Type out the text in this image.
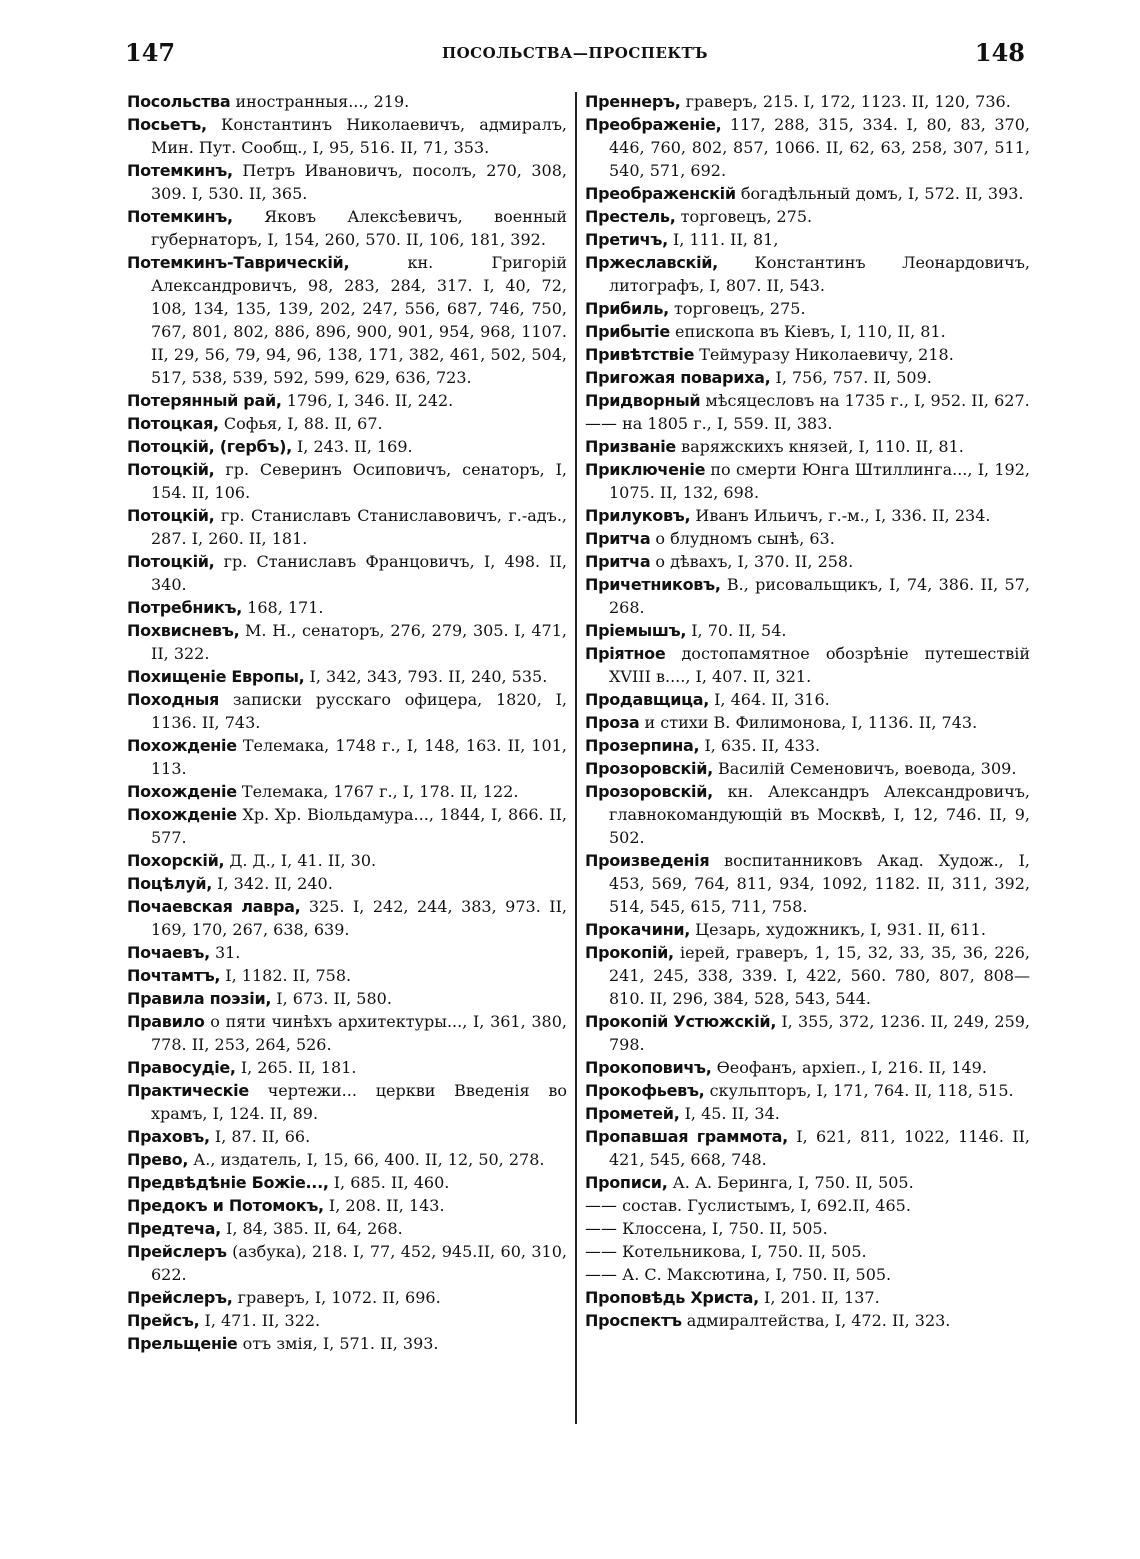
147	ПОСОЛЬСТВА—ПРОСПЕКТЪ	148

Посольства иностранныя..., 219.

Посьетъ, Константинъ Николаевичъ, адмиралъ, Мин. Пут. Сообщ., I, 95, 516. II, 71, 353.

Потемкинъ, Петръ Ивановичъ, посолъ, 270, 308, 309. I, 530. II, 365.

Потемкинъ, Яковъ Алексѣевичъ, военный губернаторъ, I, 154, 260, 570. II, 106, 181, 392.

Потемкинъ-Таврическій,	кн. Григорій Александровичъ, 98, 283, 284, 317. I, 40, 72, 108, 134, 135, 139, 202, 247, 556, 687, 746, 750, 767, 801, 802, 886, 896, 900, 901, 954, 968, 1107. II, 29, 56, 79, 94, 96, 138, 171, 382, 461, 502, 504, 517, 538, 539, 592, 599, 629, 636, 723.

Потерянный рай, 1796, I, 346. II, 242.

Потоцкая, Софья, I, 88. II, 67.

Потоцкій, (гербъ), I, 243. II, 169.

Потоцкій, гр. Северинъ Осиповичъ, сенаторъ, I, 154. II, 106.

Потоцкій, гр. Станиславъ Станиславовичъ, г.-адъ., 287. I, 260. II, 181.

Потоцкій, гр. Станиславъ Францовичъ, I, 498. II, 340.

Потребникъ, 168, 171.

Похвисневъ, М. Н., сенаторъ, 276, 279, 305. I, 471, II, 322.

Похищеніе Европы, I, 342, 343, 793. II, 240, 535.

Походныя записки русскаго офицера, 1820, I, 1136. II, 743.

Похожденіе Телемака, 1748 г., I, 148, 163. II, 101, 113.

Похожденіе Телемака, 1767 г., I, 178. II, 122.

Похожденіе Хр. Хр. Віольдамура..., 1844, I, 866. II, 577.

Похорскій, Д. Д., I, 41. II, 30.

Поцѣлуй, I, 342. II, 240.

Почаевская лавра, 325. I, 242, 244, 383, 973. II, 169, 170, 267, 638, 639.

Почаевъ, 31.

Почтамтъ, I, 1182. II, 758.

Правила поэзіи, I, 673. II, 580.

Правило о пяти чинѣхъ архитектуры..., I, 361, 380, 778. II, 253, 264, 526.

Правосудіе, I, 265. II, 181.

Практическіе чертежи... церкви Введенія во храмъ, I, 124. II, 89.

Праховъ, I, 87. II, 66.

Прево, А., издатель, I, 15, 66, 400. II, 12, 50, 278.

Предвѣдѣніе Божіе..., I, 685. II, 460.

Предокъ и Потомокъ, I, 208. II, 143.

Предтеча, I, 84, 385. II, 64, 268.

Прейслеръ (азбука), 218. I, 77, 452, 945.II, 60, 310, 622.

Прейслеръ, граверъ, I, 1072. II, 696.

Прейсъ, I, 471. II, 322.

Прельщеніе отъ змія, I, 571. II, 393.

Преннеръ, граверъ, 215. I, 172, 1123. II, 120, 736.

Преображеніе, 117, 288, 315, 334. I, 80, 83, 370, 446, 760, 802, 857, 1066. II, 62, 63, 258, 307, 511, 540, 571, 692.

Преображенскій богадѣльный домъ, I, 572. II, 393.

Престель, торговецъ, 275.

Претичъ, I, 111. II, 81,

Пржеславскій, Константинъ Леонардовичъ, литографъ, I, 807. II, 543.

Прибиль, торговецъ, 275.

Прибытіе епископа въ Кіевъ, I, 110, II, 81.

Привѣтствіе Теймуразу Николаевичу, 218.

Пригожая повариха, I, 756, 757. II, 509.

Придворный мѣсяцесловъ на 1735 г., I, 952. II, 627.

—— на 1805 г., I, 559. II, 383.

Призваніе варяжскихъ князей, I, 110. II, 81.

Приключеніе по смерти Юнга Штиллинга..., I, 192, 1075. II, 132, 698.

Прилуковъ, Иванъ Ильичъ, г.-м., I, 336. II, 234.

Притча о блудномъ сынѣ, 63.

Притча о дѣвахъ, I, 370. II, 258.

Причетниковъ, В., рисовальщикъ, I, 74, 386. II, 57, 268.

Пріемышъ, I, 70. II, 54.

Пріятное достопамятное обозрѣніе путешествій XVIII в...., I, 407. II, 321.

Продавщица, I, 464. II, 316.

Проза и стихи В. Филимонова, I, 1136. II, 743.

Прозерпина, I, 635. II, 433.

Прозоровскій, Василій Семеновичъ, воевода, 309.

Прозоровскій, кн. Александръ Александровичъ, главнокомандующій въ Москвѣ, I, 12, 746. II, 9, 502.

Произведенія воспитанниковъ Акад. Худож., I, 453, 569, 764, 811, 934, 1092, 1182. II, 311, 392, 514, 545, 615, 711, 758.

Прокачини, Цезарь, художникъ, I, 931. II, 611.

Прокопій, іерей, граверъ, 1, 15, 32, 33, 35, 36, 226, 241, 245, 338, 339. I, 422, 560. 780, 807, 808—810. II, 296, 384, 528, 543, 544.

Прокопій Устюжскій, I, 355, 372, 1236. II, 249, 259, 798.

Прокоповичъ, Ѳеофанъ, архіеп., I, 216. II, 149.

Прокофьевъ, скульпторъ, I, 171, 764. II, 118, 515.

Прометей, I, 45. II, 34.

Пропавшая граммота, I, 621, 811, 1022, 1146. II, 421, 545, 668, 748.

Прописи, А. А. Беринга, I, 750. II, 505.

—— состав. Гуслистымъ, I, 692.II, 465.

—— Клоссена, I, 750. II, 505.

—— Котельникова, I, 750. II, 505.

—— А. С. Максютина, I, 750. II, 505.

Проповѣдь Христа, I, 201. II, 137.

Проспектъ адмиралтейства, I, 472. II, 323.
